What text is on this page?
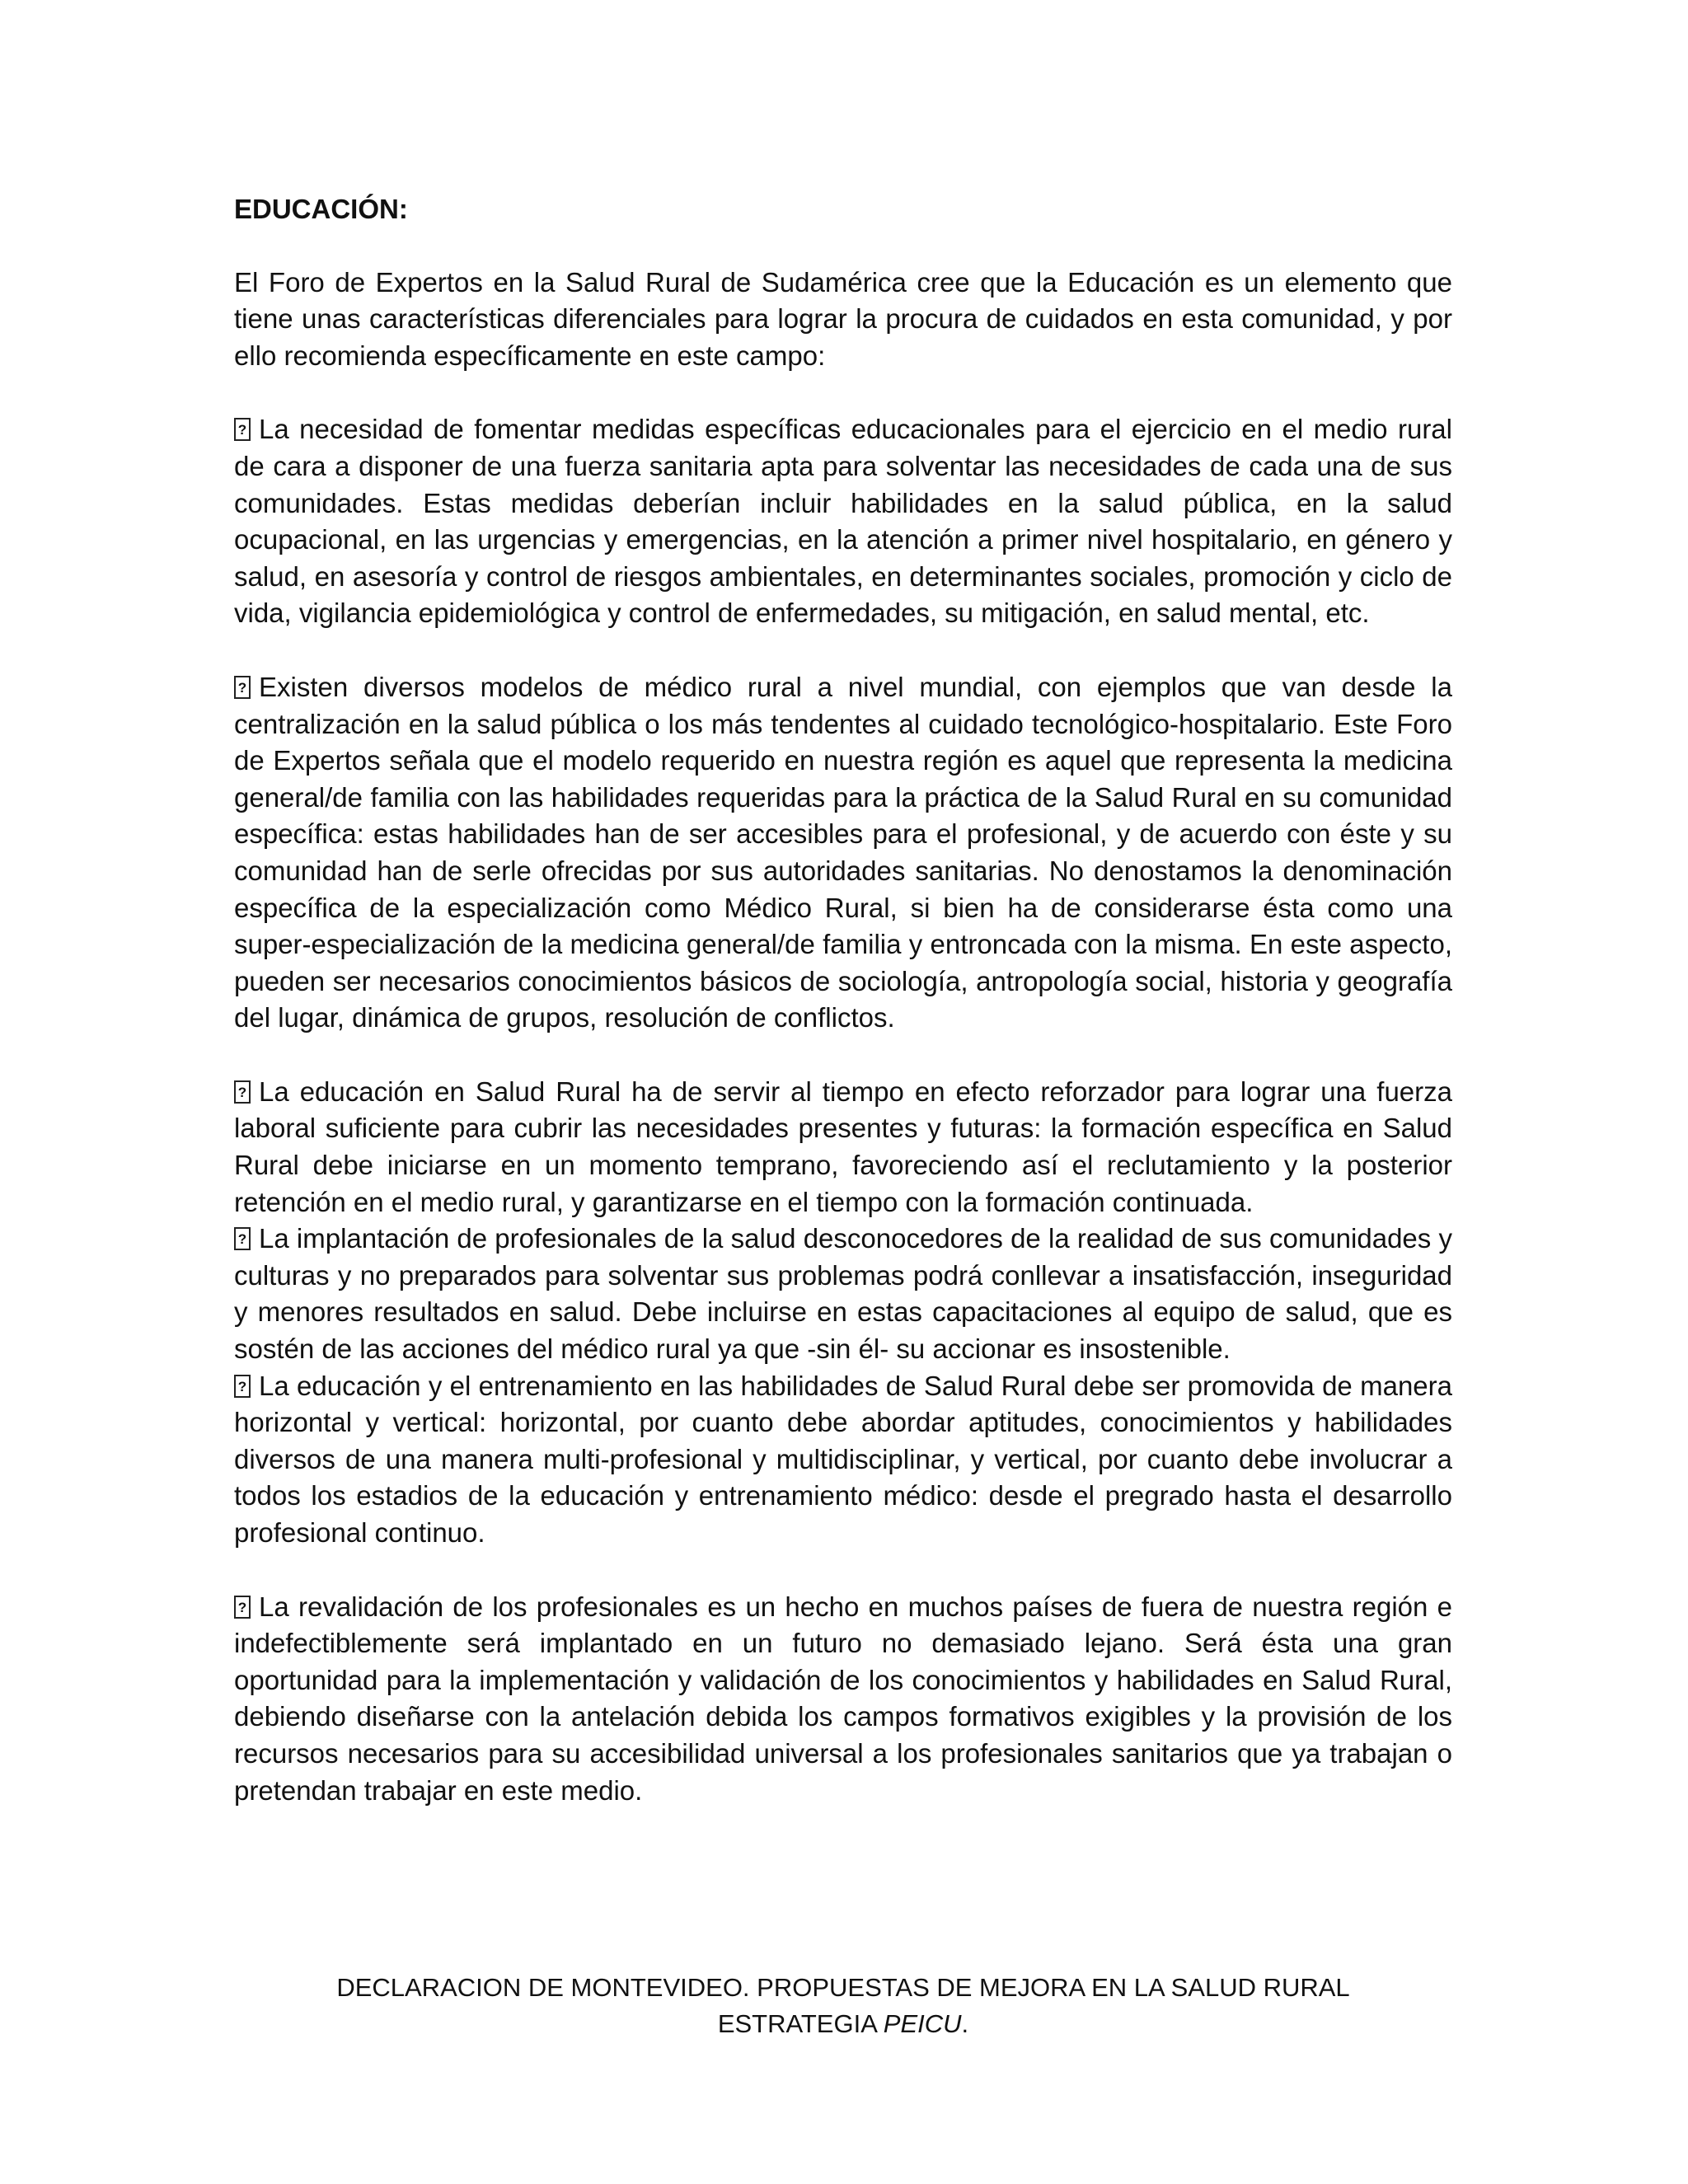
EDUCACIÓN:

El Foro de Expertos en la Salud Rural de Sudamérica cree que la Educación es un elemento que tiene unas características diferenciales para lograr la procura de cuidados en esta comunidad, y por ello recomienda específicamente en este campo:

?La necesidad de fomentar medidas específicas educacionales para el ejercicio en el medio rural de cara a disponer de una fuerza sanitaria apta para solventar las necesidades de cada una de sus comunidades. Estas medidas deberían incluir habilidades en la salud pública, en la salud ocupacional, en las urgencias y emergencias, en la atención a primer nivel hospitalario, en género y salud, en asesoría y control de riesgos ambientales, en determinantes sociales, promoción y ciclo de vida, vigilancia epidemiológica y control de enfermedades, su mitigación, en salud mental, etc.

?Existen diversos modelos de médico rural a nivel mundial, con ejemplos que van desde la centralización en la salud pública o los más tendentes al cuidado tecnológico-hospitalario. Este Foro de Expertos señala que el modelo requerido en nuestra región es aquel que representa la medicina general/de familia con las habilidades requeridas para la práctica de la Salud Rural en su comunidad específica: estas habilidades han de ser accesibles para el profesional, y de acuerdo con éste y su comunidad han de serle ofrecidas por sus autoridades sanitarias. No denostamos la denominación específica de la especialización como Médico Rural, si bien ha de considerarse ésta como una super-especialización de la medicina general/de familia y entroncada con la misma. En este aspecto, pueden ser necesarios conocimientos básicos de sociología, antropología social, historia y geografía del lugar, dinámica de grupos, resolución de conflictos.

?La educación en Salud Rural ha de servir al tiempo en efecto reforzador para lograr una fuerza laboral suficiente para cubrir las necesidades presentes y futuras: la formación específica en Salud Rural debe iniciarse en un momento temprano, favoreciendo así el reclutamiento y la posterior retención en el medio rural, y garantizarse en el tiempo con la formación continuada.

?La implantación de profesionales de la salud desconocedores de la realidad de sus comunidades y culturas y no preparados para solventar sus problemas podrá conllevar a insatisfacción, inseguridad y menores resultados en salud. Debe incluirse en estas capacitaciones al equipo de salud, que es sostén de las acciones del médico rural ya que -sin él- su accionar es insostenible.

?La educación y el entrenamiento en las habilidades de Salud Rural debe ser promovida de manera horizontal y vertical: horizontal, por cuanto debe abordar aptitudes, conocimientos y habilidades diversos de una manera multi-profesional y multidisciplinar, y vertical, por cuanto debe involucrar a todos los estadios de la educación y entrenamiento médico: desde el pregrado hasta el desarrollo profesional continuo.

?La revalidación de los profesionales es un hecho en muchos países de fuera de nuestra región e indefectiblemente será implantado en un futuro no demasiado lejano. Será ésta una gran oportunidad para la implementación y validación de los conocimientos y habilidades en Salud Rural, debiendo diseñarse con la antelación debida los campos formativos exigibles y la provisión de los recursos necesarios para su accesibilidad universal a los profesionales sanitarios que ya trabajan o pretendan trabajar en este medio.

DECLARACION DE MONTEVIDEO. PROPUESTAS DE MEJORA EN LA SALUD RURAL
ESTRATEGIA PEICU.
